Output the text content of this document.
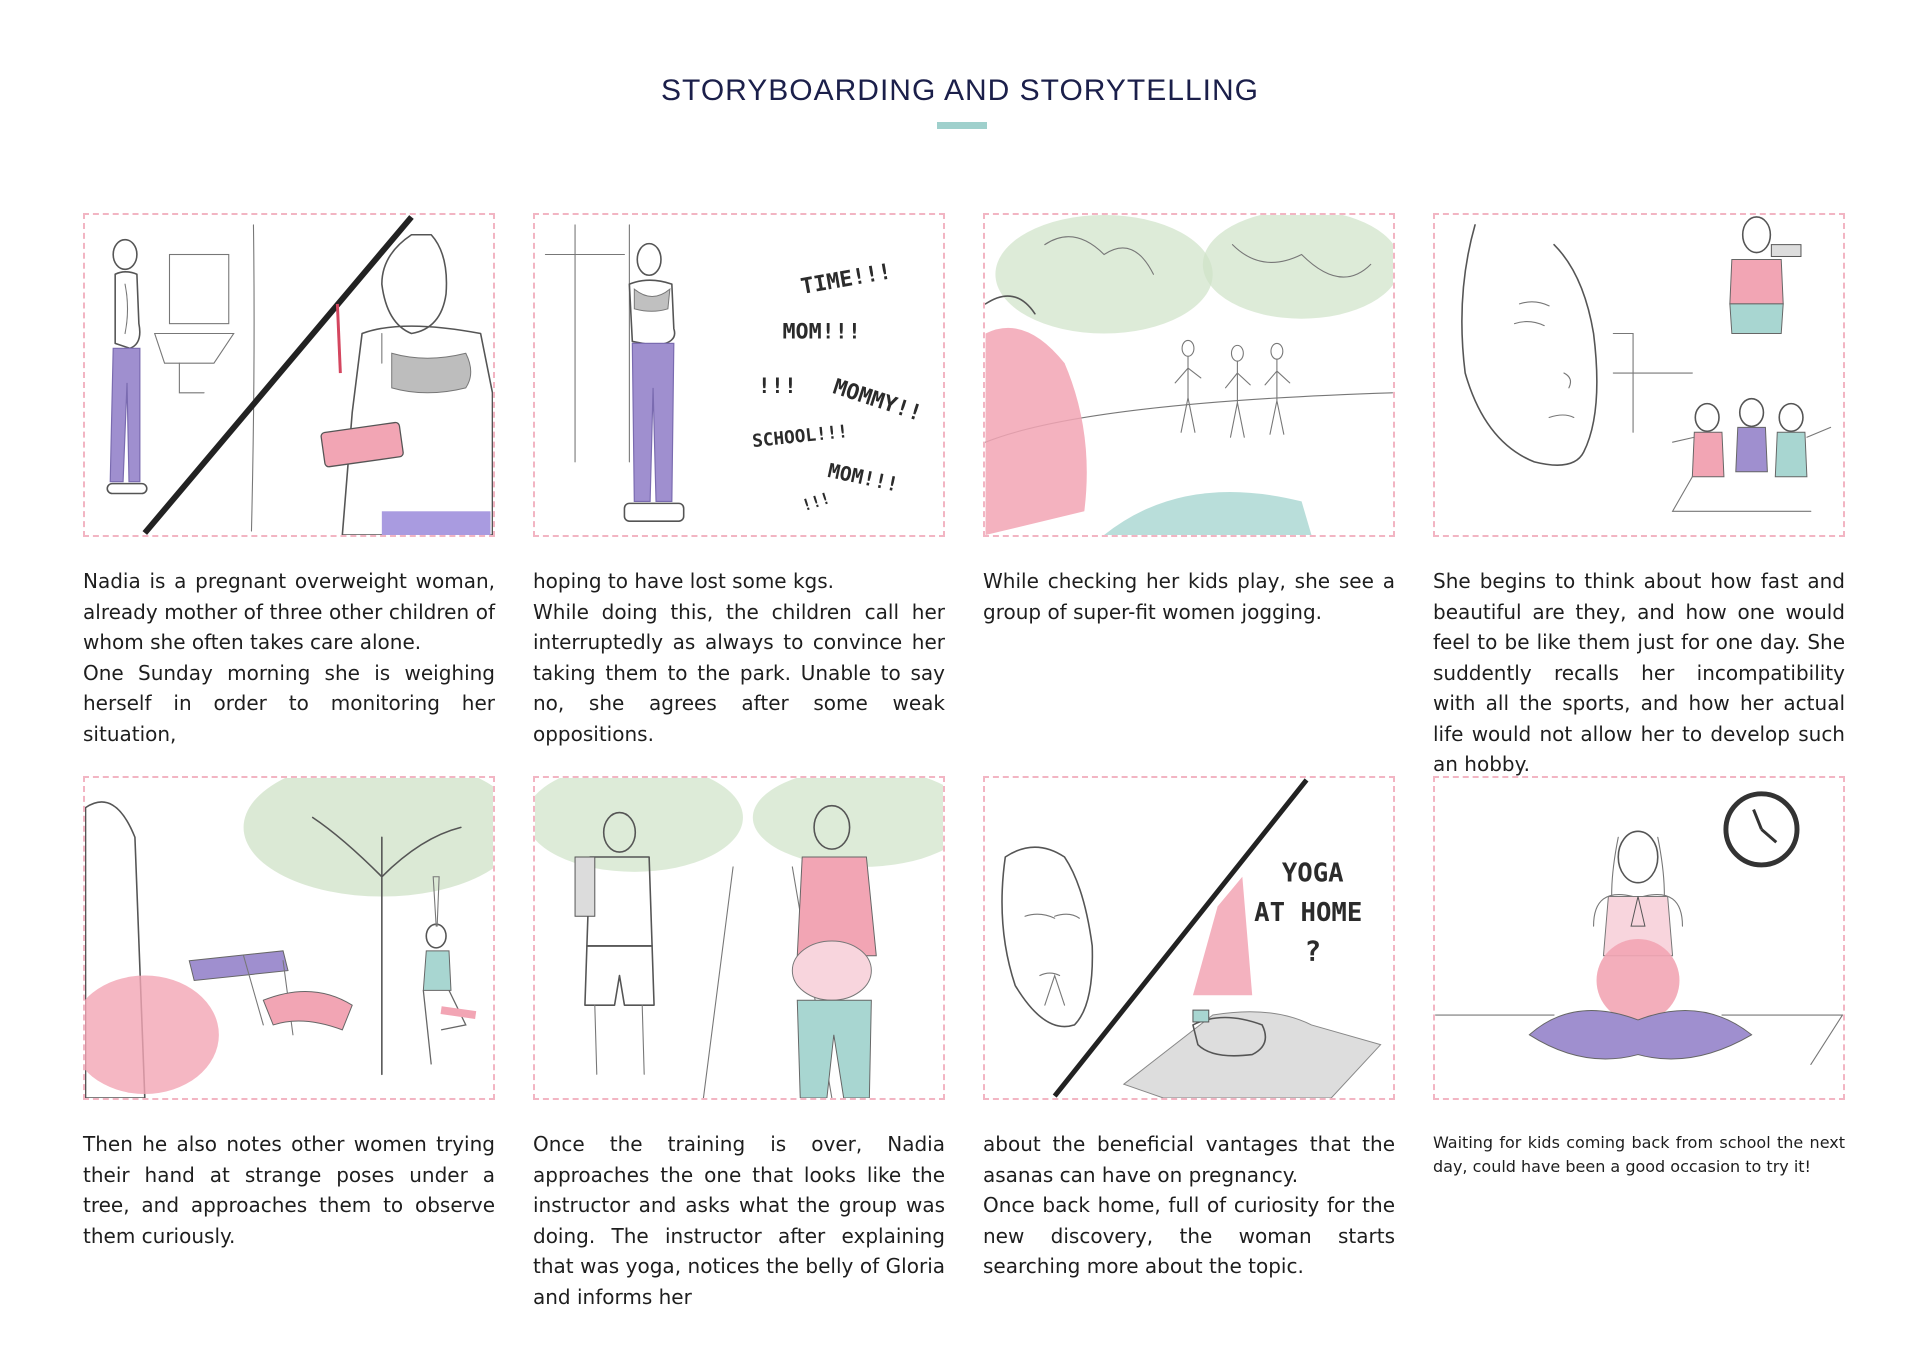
STORYBOARDING AND STORYTELLING
TIME!!!
MOM!!!
!!! MOMMY!!
SCHOOL!!!
MOM!!!
!!!
YOGA
AT HOME
?
Nadia is a pregnant overweight woman, already mother of three other children of whom she often takes care alone.
One Sunday morning she is weighing herself in order to monitoring her situation,
hoping to have lost some kgs.
While doing this, the children call her interruptedly as always to convince her taking them to the park. Unable to say no, she agrees after some weak oppositions.
While checking her kids play, she see a group of super-fit women jogging.
She begins to think about how fast and beautiful are they, and how one would feel to be like them just for one day. She suddently recalls her incompatibility with all the sports, and how her actual life would not allow her to develop such an hobby.
Then he also notes other women trying their hand at strange poses under a tree, and approaches them to observe them curiously.
Once the training is over, Nadia approaches the one that looks like the instructor and asks what the group was doing. The instructor after explaining that was yoga, notices the belly of Gloria and informs her
about the beneficial vantages that the asanas can have on pregnancy.
Once back home, full of curiosity for the new discovery, the woman starts searching more about the topic.
Waiting for kids coming back from school the next day, could have been a good occasion to try it!
